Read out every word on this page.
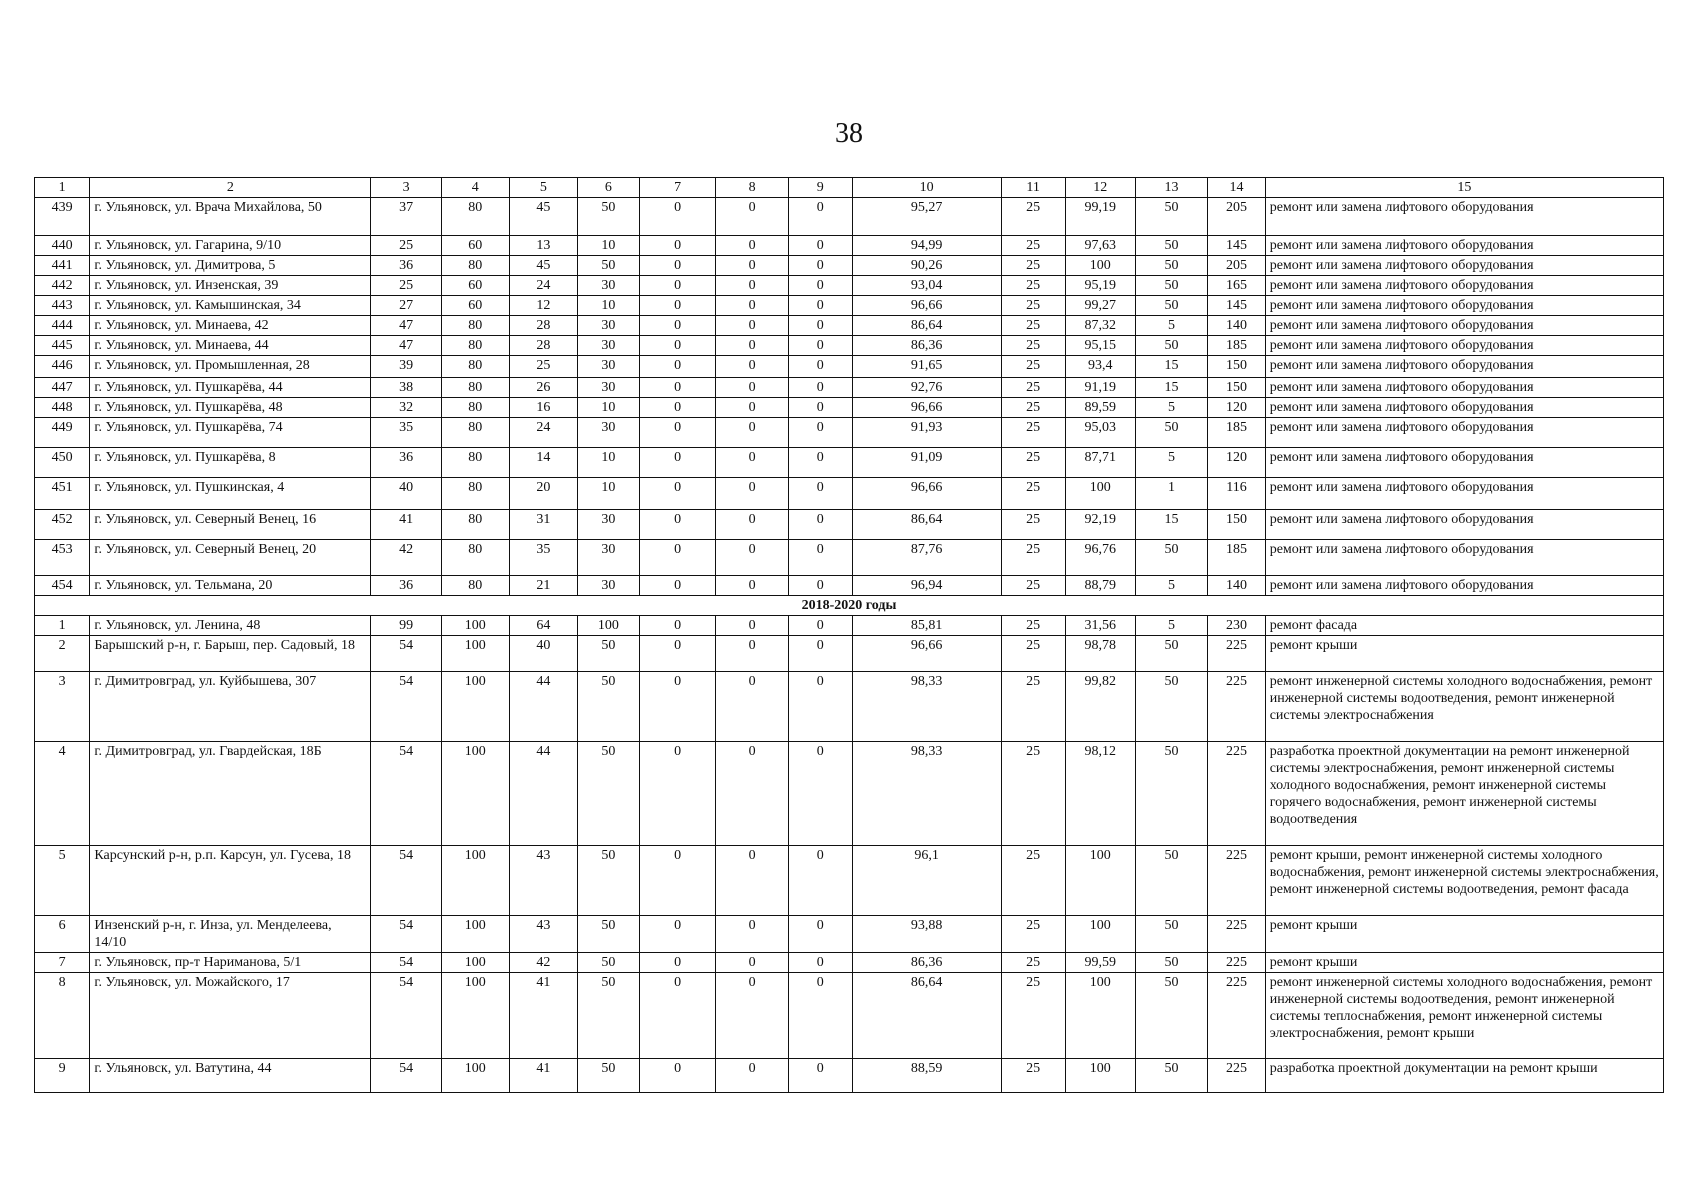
38
1	2	3	4	5	6	7	8	9	10	11	12	13	14	15
439	г. Ульяновск, ул. Врача Михайлова, 50	37	80	45	50	0	0	0	95,27	25	99,19	50	205	ремонт или замена лифтового оборудования
440	г. Ульяновск, ул. Гагарина, 9/10	25	60	13	10	0	0	0	94,99	25	97,63	50	145	ремонт или замена лифтового оборудования
441	г. Ульяновск, ул. Димитрова, 5	36	80	45	50	0	0	0	90,26	25	100	50	205	ремонт или замена лифтового оборудования
442	г. Ульяновск, ул. Инзенская, 39	25	60	24	30	0	0	0	93,04	25	95,19	50	165	ремонт или замена лифтового оборудования
443	г. Ульяновск, ул. Камышинская, 34	27	60	12	10	0	0	0	96,66	25	99,27	50	145	ремонт или замена лифтового оборудования
444	г. Ульяновск, ул. Минаева, 42	47	80	28	30	0	0	0	86,64	25	87,32	5	140	ремонт или замена лифтового оборудования
445	г. Ульяновск, ул. Минаева, 44	47	80	28	30	0	0	0	86,36	25	95,15	50	185	ремонт или замена лифтового оборудования
446	г. Ульяновск, ул. Промышленная, 28	39	80	25	30	0	0	0	91,65	25	93,4	15	150	ремонт или замена лифтового оборудования
447	г. Ульяновск, ул. Пушкарёва, 44	38	80	26	30	0	0	0	92,76	25	91,19	15	150	ремонт или замена лифтового оборудования
448	г. Ульяновск, ул. Пушкарёва, 48	32	80	16	10	0	0	0	96,66	25	89,59	5	120	ремонт или замена лифтового оборудования
449	г. Ульяновск, ул. Пушкарёва, 74	35	80	24	30	0	0	0	91,93	25	95,03	50	185	ремонт или замена лифтового оборудования
450	г. Ульяновск, ул. Пушкарёва, 8	36	80	14	10	0	0	0	91,09	25	87,71	5	120	ремонт или замена лифтового оборудования
451	г. Ульяновск, ул. Пушкинская, 4	40	80	20	10	0	0	0	96,66	25	100	1	116	ремонт или замена лифтового оборудования
452	г. Ульяновск, ул. Северный Венец, 16	41	80	31	30	0	0	0	86,64	25	92,19	15	150	ремонт или замена лифтового оборудования
453	г. Ульяновск, ул. Северный Венец, 20	42	80	35	30	0	0	0	87,76	25	96,76	50	185	ремонт или замена лифтового оборудования
454	г. Ульяновск, ул. Тельмана, 20	36	80	21	30	0	0	0	96,94	25	88,79	5	140	ремонт или замена лифтового оборудования
2018-2020 годы														
1	г. Ульяновск, ул. Ленина, 48	99	100	64	100	0	0	0	85,81	25	31,56	5	230	ремонт фасада
2	Барышский р-н, г. Барыш, пер. Садовый, 18	54	100	40	50	0	0	0	96,66	25	98,78	50	225	ремонт крыши
3	г. Димитровград, ул. Куйбышева, 307	54	100	44	50	0	0	0	98,33	25	99,82	50	225	ремонт инженерной системы холодного водоснабжения, ремонт инженерной системы водоотведения, ремонт инженерной системы электроснабжения
4	г. Димитровград, ул. Гвардейская, 18Б	54	100	44	50	0	0	0	98,33	25	98,12	50	225	разработка проектной документации на ремонт инженерной системы электроснабжения, ремонт инженерной системы холодного водоснабжения, ремонт инженерной системы горячего водоснабжения, ремонт инженерной системы водоотведения
5	Карсунский р-н, р.п. Карсун, ул. Гусева, 18	54	100	43	50	0	0	0	96,1	25	100	50	225	ремонт крыши, ремонт инженерной системы холодного водоснабжения, ремонт инженерной системы электроснабжения, ремонт инженерной системы водоотведения, ремонт фасада
6	Инзенский р-н, г. Инза, ул. Менделеева, 14/10	54	100	43	50	0	0	0	93,88	25	100	50	225	ремонт крыши
7	г. Ульяновск, пр-т Нариманова, 5/1	54	100	42	50	0	0	0	86,36	25	99,59	50	225	ремонт крыши
8	г. Ульяновск, ул. Можайского, 17	54	100	41	50	0	0	0	86,64	25	100	50	225	ремонт инженерной системы холодного водоснабжения, ремонт инженерной системы водоотведения, ремонт инженерной системы теплоснабжения, ремонт инженерной системы электроснабжения, ремонт крыши
9	г. Ульяновск, ул. Ватутина, 44	54	100	41	50	0	0	0	88,59	25	100	50	225	разработка проектной документации на ремонт крыши
